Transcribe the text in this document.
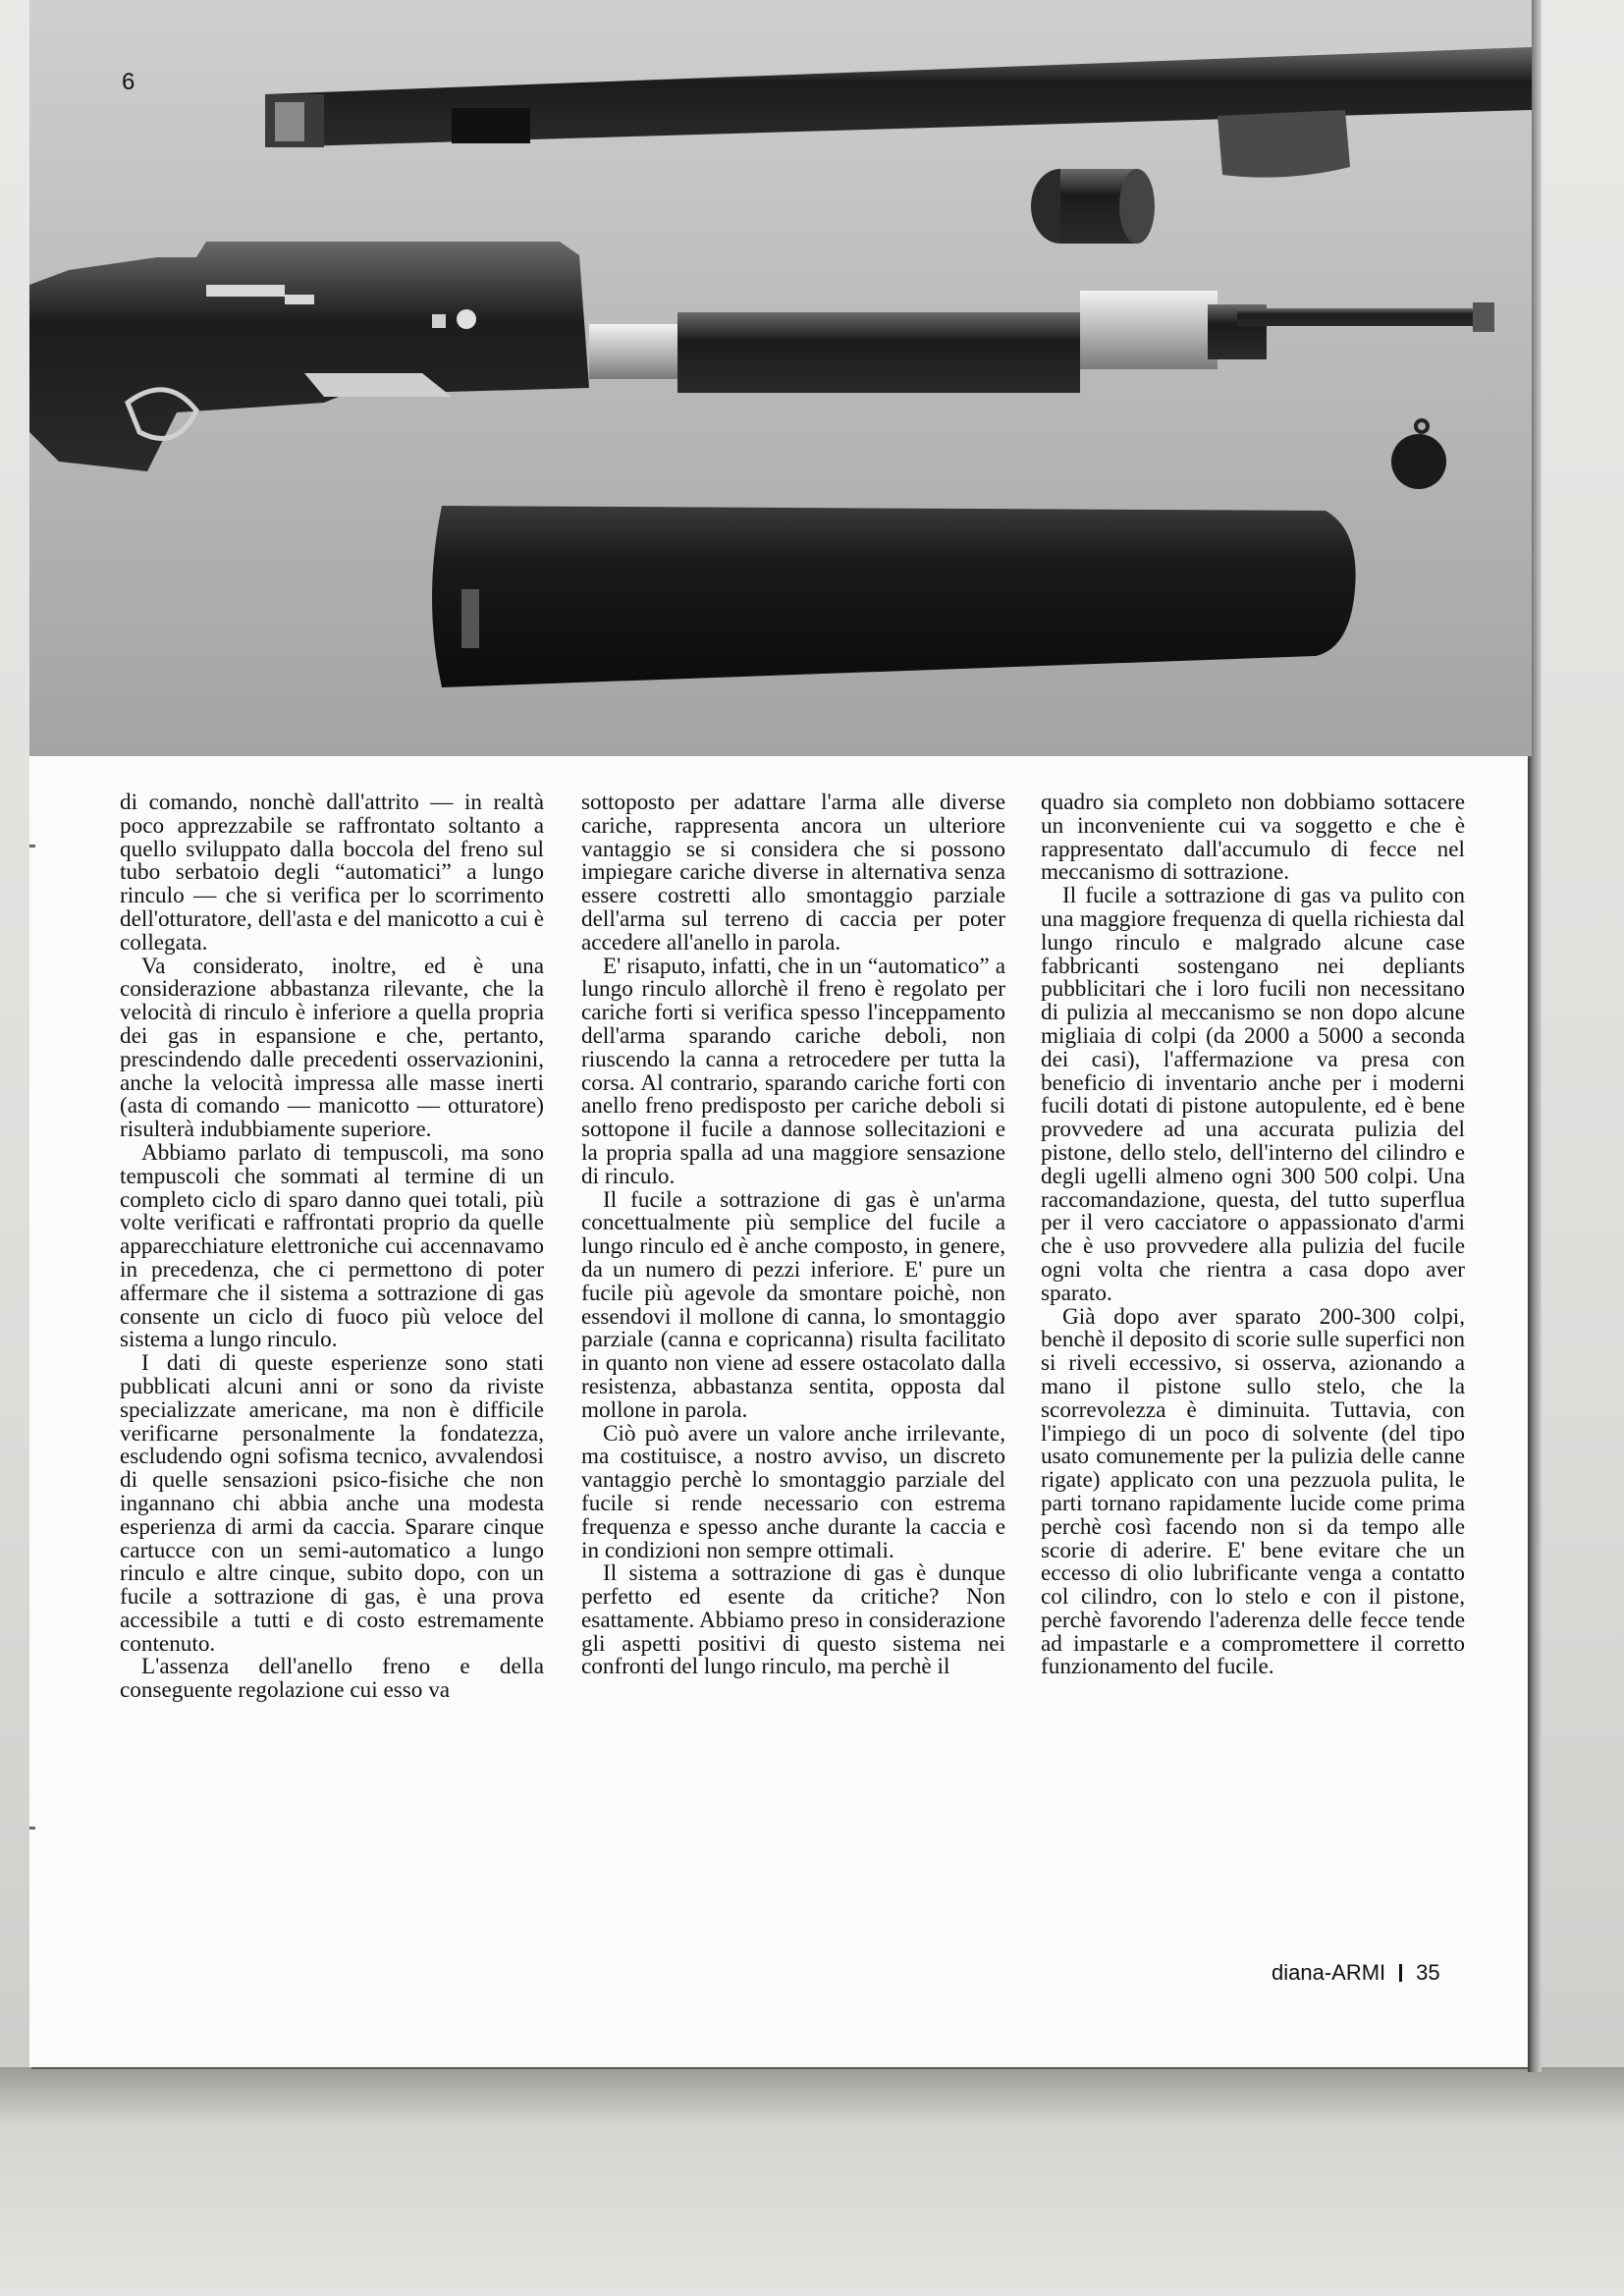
6

di comando, nonchè dall'attrito — in realtà poco apprezzabile se raffrontato soltanto a quello sviluppato dalla boccola del freno sul tubo serbatoio degli “automatici” a lungo rinculo — che si verifica per lo scorrimento dell'otturatore, dell'asta e del manicotto a cui è collegata.

Va considerato, inoltre, ed è una considerazione abbastanza rilevante, che la velocità di rinculo è inferiore a quella propria dei gas in espansione e che, pertanto, prescindendo dalle precedenti osservazionini, anche la velocità impressa alle masse inerti (asta di comando — manicotto — otturatore) risulterà indubbiamente superiore.

Abbiamo parlato di tempuscoli, ma sono tempuscoli che sommati al termine di un completo ciclo di sparo danno quei totali, più volte verificati e raffrontati proprio da quelle apparecchiature elettroniche cui accennavamo in precedenza, che ci permettono di poter affermare che il sistema a sottrazione di gas consente un ciclo di fuoco più veloce del sistema a lungo rinculo.

I dati di queste esperienze sono stati pubblicati alcuni anni or sono da riviste specializzate americane, ma non è difficile verificarne personalmente la fondatezza, escludendo ogni sofisma tecnico, avvalendosi di quelle sensazioni psico-fisiche che non ingannano chi abbia anche una modesta esperienza di armi da caccia. Sparare cinque cartucce con un semi-automatico a lungo rinculo e altre cinque, subito dopo, con un fucile a sottrazione di gas, è una prova accessibile a tutti e di costo estremamente contenuto.

L'assenza dell'anello freno e della conseguente regolazione cui esso va

sottoposto per adattare l'arma alle diverse cariche, rappresenta ancora un ulteriore vantaggio se si considera che si possono impiegare cariche diverse in alternativa senza essere costretti allo smontaggio parziale dell'arma sul terreno di caccia per poter accedere all'anello in parola.

E' risaputo, infatti, che in un “automatico” a lungo rinculo allorchè il freno è regolato per cariche forti si verifica spesso l'inceppamento dell'arma sparando cariche deboli, non riuscendo la canna a retrocedere per tutta la corsa. Al contrario, sparando cariche forti con anello freno predisposto per cariche deboli si sottopone il fucile a dannose sollecitazioni e la propria spalla ad una maggiore sensazione di rinculo.

Il fucile a sottrazione di gas è un'arma concettualmente più semplice del fucile a lungo rinculo ed è anche composto, in genere, da un numero di pezzi inferiore. E' pure un fucile più agevole da smontare poichè, non essendovi il mollone di canna, lo smontaggio parziale (canna e copricanna) risulta facilitato in quanto non viene ad essere ostacolato dalla resistenza, abbastanza sentita, opposta dal mollone in parola.

Ciò può avere un valore anche irrilevante, ma costituisce, a nostro avviso, un discreto vantaggio perchè lo smontaggio parziale del fucile si rende necessario con estrema frequenza e spesso anche durante la caccia e in condizioni non sempre ottimali.

Il sistema a sottrazione di gas è dunque perfetto ed esente da critiche? Non esattamente. Abbiamo preso in considerazione gli aspetti positivi di questo sistema nei confronti del lungo rinculo, ma perchè il

quadro sia completo non dobbiamo sottacere un inconveniente cui va soggetto e che è rappresentato dall'accumulo di fecce nel meccanismo di sottrazione.

Il fucile a sottrazione di gas va pulito con una maggiore frequenza di quella richiesta dal lungo rinculo e malgrado alcune case fabbricanti sostengano nei depliants pubblicitari che i loro fucili non necessitano di pulizia al meccanismo se non dopo alcune migliaia di colpi (da 2000 a 5000 a seconda dei casi), l'affermazione va presa con beneficio di inventario anche per i moderni fucili dotati di pistone autopulente, ed è bene provvedere ad una accurata pulizia del pistone, dello stelo, dell'interno del cilindro e degli ugelli almeno ogni 300 500 colpi. Una raccomandazione, questa, del tutto superflua per il vero cacciatore o appassionato d'armi che è uso provvedere alla pulizia del fucile ogni volta che rientra a casa dopo aver sparato.

Già dopo aver sparato 200-300 colpi, benchè il deposito di scorie sulle superfici non si riveli eccessivo, si osserva, azionando a mano il pistone sullo stelo, che la scorrevolezza è diminuita. Tuttavia, con l'impiego di un poco di solvente (del tipo usato comunemente per la pulizia delle canne rigate) applicato con una pezzuola pulita, le parti tornano rapidamente lucide come prima perchè così facendo non si da tempo alle scorie di aderire. E' bene evitare che un eccesso di olio lubrificante venga a contatto col cilindro, con lo stelo e con il pistone, perchè favorendo l'aderenza delle fecce tende ad impastarle e a compromettere il corretto funzionamento del fucile.

diana-ARMI 35
